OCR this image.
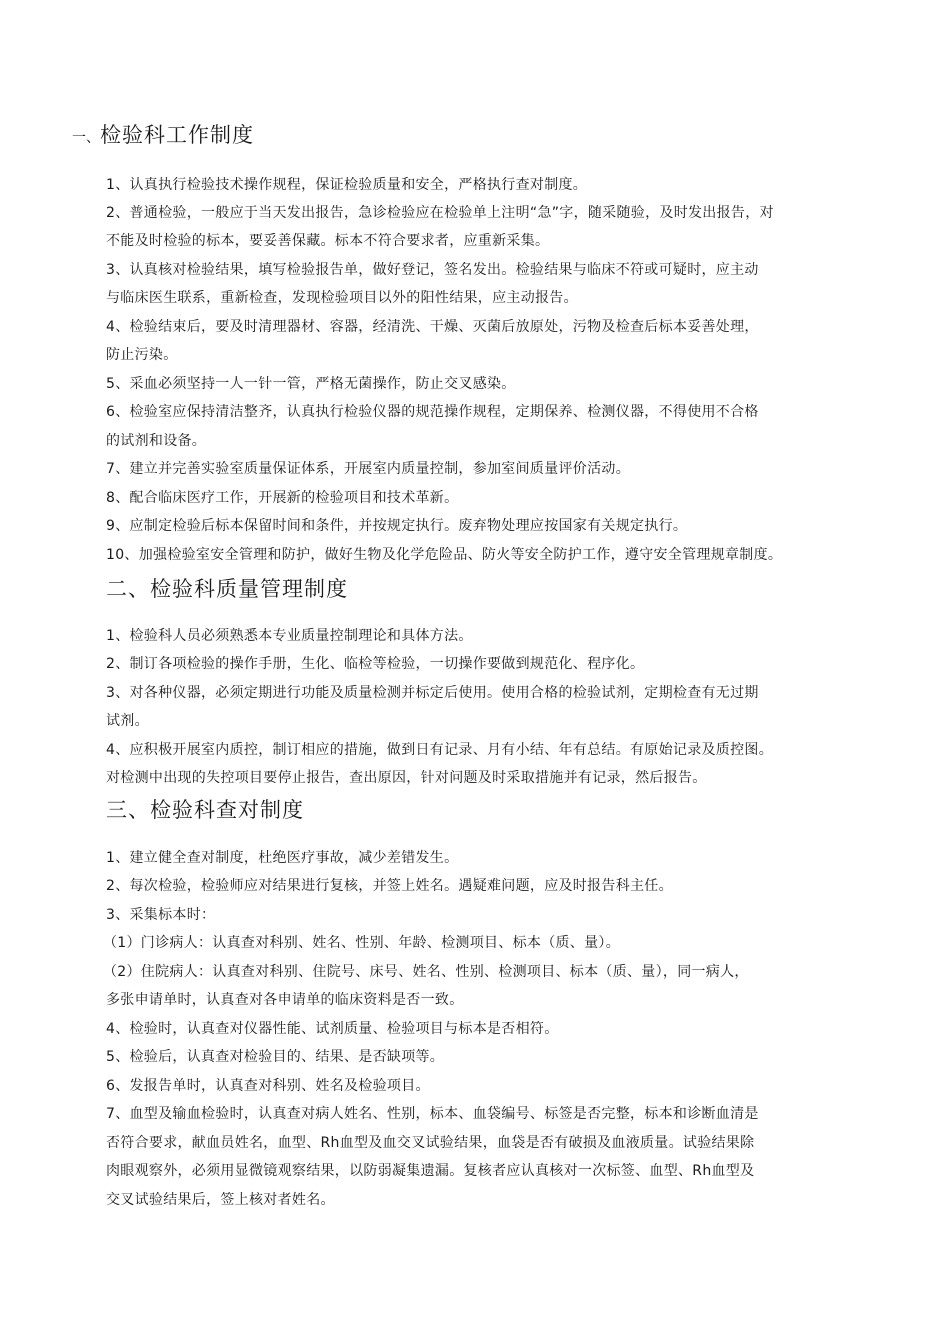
一、检验科工作制度
1、认真执行检验技术操作规程，保证检验质量和安全，严格执行查对制度。
2、普通检验，一般应于当天发出报告，急诊检验应在检验单上注明“急”字，随采随验，及时发出报告，对
不能及时检验的标本，要妥善保藏。标本不符合要求者，应重新采集。
3、认真核对检验结果，填写检验报告单，做好登记，签名发出。检验结果与临床不符或可疑时，应主动
与临床医生联系，重新检查，发现检验项目以外的阳性结果，应主动报告。
4、检验结束后，要及时清理器材、容器，经清洗、干燥、灭菌后放原处，污物及检查后标本妥善处理，
防止污染。
5、采血必须坚持一人一针一管，严格无菌操作，防止交叉感染。
6、检验室应保持清洁整齐，认真执行检验仪器的规范操作规程，定期保养、检测仪器，不得使用不合格
的试剂和设备。
7、建立并完善实验室质量保证体系，开展室内质量控制，参加室间质量评价活动。
8、配合临床医疗工作，开展新的检验项目和技术革新。
9、应制定检验后标本保留时间和条件，并按规定执行。废弃物处理应按国家有关规定执行。
10、加强检验室安全管理和防护，做好生物及化学危险品、防火等安全防护工作，遵守安全管理规章制度。
二、检验科质量管理制度
1、检验科人员必须熟悉本专业质量控制理论和具体方法。
2、制订各项检验的操作手册，生化、临检等检验，一切操作要做到规范化、程序化。
3、对各种仪器，必须定期进行功能及质量检测并标定后使用。使用合格的检验试剂，定期检查有无过期
试剂。
4、应积极开展室内质控，制订相应的措施，做到日有记录、月有小结、年有总结。有原始记录及质控图。
对检测中出现的失控项目要停止报告，查出原因，针对问题及时采取措施并有记录，然后报告。
三、检验科查对制度
1、建立健全查对制度，杜绝医疗事故，减少差错发生。
2、每次检验，检验师应对结果进行复核，并签上姓名。遇疑难问题，应及时报告科主任。
3、采集标本时：
（1）门诊病人：认真查对科别、姓名、性别、年龄、检测项目、标本（质、量）。
（2）住院病人：认真查对科别、住院号、床号、姓名、性别、检测项目、标本（质、量），同一病人，
多张申请单时，认真查对各申请单的临床资料是否一致。
4、检验时，认真查对仪器性能、试剂质量、检验项目与标本是否相符。
5、检验后，认真查对检验目的、结果、是否缺项等。
6、发报告单时，认真查对科别、姓名及检验项目。
7、血型及输血检验时，认真查对病人姓名、性别，标本、血袋编号、标签是否完整，标本和诊断血清是
否符合要求，献血员姓名，血型、Rh血型及血交叉试验结果，血袋是否有破损及血液质量。试验结果除
肉眼观察外，必须用显微镜观察结果，以防弱凝集遗漏。复核者应认真核对一次标签、血型、Rh血型及
交叉试验结果后，签上核对者姓名。
